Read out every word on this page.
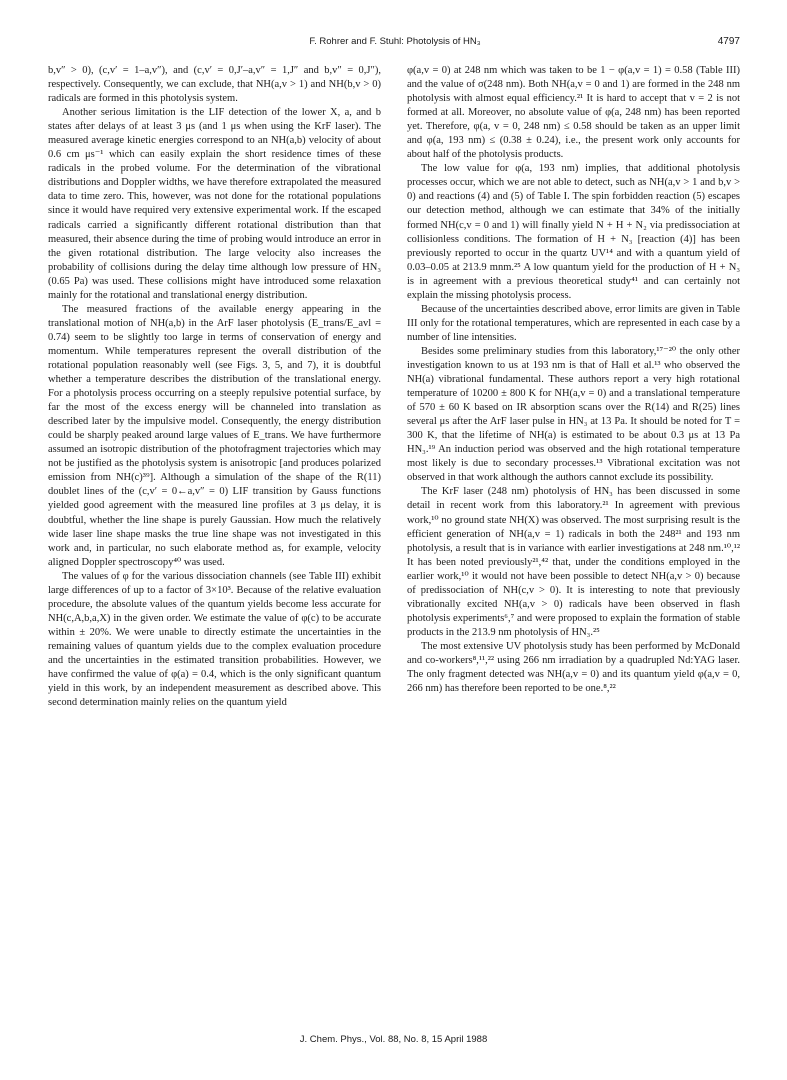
F. Rohrer and F. Stuhl: Photolysis of HN₃	4797

b,v″ > 0), (c,v′ = 1–a,v″), and (c,v′ = 0,J′–a,v″ = 1,J″ and b,v″ = 0,J″), respectively. Consequently, we can exclude, that NH(a,v > 1) and NH(b,v > 0) radicals are formed in this photolysis system.

Another serious limitation is the LIF detection of the lower X, a, and b states after delays of at least 3 μs (and 1 μs when using the KrF laser). The measured average kinetic energies correspond to an NH(a,b) velocity of about 0.6 cm μs⁻¹ which can easily explain the short residence times of these radicals in the probed volume. For the determination of the vibrational distributions and Doppler widths, we have therefore extrapolated the measured data to time zero. This, however, was not done for the rotational populations since it would have required very extensive experimental work. If the escaped radicals carried a significantly different rotational distribution than that measured, their absence during the time of probing would introduce an error in the given rotational distribution. The large velocity also increases the probability of collisions during the delay time although low pressure of HN₃ (0.65 Pa) was used. These collisions might have introduced some relaxation mainly for the rotational and translational energy distribution.

The measured fractions of the available energy appearing in the translational motion of NH(a,b) in the ArF laser photolysis (E_trans/E_avl = 0.74) seem to be slightly too large in terms of conservation of energy and momentum. While temperatures represent the overall distribution of the rotational population reasonably well (see Figs. 3, 5, and 7), it is doubtful whether a temperature describes the distribution of the translational energy. For a photolysis process occurring on a steeply repulsive potential surface, by far the most of the excess energy will be channeled into translation as described later by the impulsive model. Consequently, the energy distribution could be sharply peaked around large values of E_trans. We have furthermore assumed an isotropic distribution of the photofragment trajectories which may not be justified as the photolysis system is anisotropic [and produces polarized emission from NH(c)³⁹]. Although a simulation of the shape of the R(11) doublet lines of the (c,v′ = 0←a,v″ = 0) LIF transition by Gauss functions yielded good agreement with the measured line profiles at 3 μs delay, it is doubtful, whether the line shape is purely Gaussian. How much the relatively wide laser line shape masks the true line shape was not investigated in this work and, in particular, no such elaborate method as, for example, velocity aligned Doppler spectroscopy⁴⁰ was used.

The values of φ for the various dissociation channels (see Table III) exhibit large differences of up to a factor of 3×10³. Because of the relative evaluation procedure, the absolute values of the quantum yields become less accurate for NH(c,A,b,a,X) in the given order. We estimate the value of φ(c) to be accurate within ± 20%. We were unable to directly estimate the uncertainties in the remaining values of quantum yields due to the complex evaluation procedure and the uncertainties in the estimated transition probabilities. However, we have confirmed the value of φ(a) = 0.4, which is the only significant quantum yield in this work, by an independent measurement as described above. This second determination mainly relies on the quantum yield

φ(a,v = 0) at 248 nm which was taken to be 1 − φ(a,v = 1) = 0.58 (Table III) and the value of σ(248 nm). Both NH(a,v = 0 and 1) are formed in the 248 nm photolysis with almost equal efficiency.²¹ It is hard to accept that v = 2 is not formed at all. Moreover, no absolute value of φ(a, 248 nm) has been reported yet. Therefore, φ(a, v = 0, 248 nm) ≤ 0.58 should be taken as an upper limit and φ(a, 193 nm) ≤ (0.38 ± 0.24), i.e., the present work only accounts for about half of the photolysis products.

The low value for φ(a, 193 nm) implies, that additional photolysis processes occur, which we are not able to detect, such as NH(a,v > 1 and b,v > 0) and reactions (4) and (5) of Table I. The spin forbidden reaction (5) escapes our detection method, although we can estimate that 34% of the initially formed NH(c,v = 0 and 1) will finally yield N + H + N₂ via predissociation at collisionless conditions. The formation of H + N₃ [reaction (4)] has been previously reported to occur in the quartz UV¹⁴ and with a quantum yield of 0.03–0.05 at 213.9 mnm.²⁵ A low quantum yield for the production of H + N₃ is in agreement with a previous theoretical study⁴¹ and can certainly not explain the missing photolysis process.

Because of the uncertainties described above, error limits are given in Table III only for the rotational temperatures, which are represented in each case by a number of line intensities.

Besides some preliminary studies from this laboratory,¹⁷⁻²⁰ the only other investigation known to us at 193 nm is that of Hall et al.¹³ who observed the NH(a) vibrational fundamental. These authors report a very high rotational temperature of 10200 ± 800 K for NH(a,v = 0) and a translational temperature of 570 ± 60 K based on IR absorption scans over the R(14) and R(25) lines several μs after the ArF laser pulse in HN₃ at 13 Pa. It should be noted for T = 300 K, that the lifetime of NH(a) is estimated to be about 0.3 μs at 13 Pa HN₃.¹⁹ An induction period was observed and the high rotational temperature most likely is due to secondary processes.¹³ Vibrational excitation was not observed in that work although the authors cannot exclude its possibility.

The KrF laser (248 nm) photolysis of HN₃ has been discussed in some detail in recent work from this laboratory.²¹ In agreement with previous work,¹⁰ no ground state NH(X) was observed. The most surprising result is the efficient generation of NH(a,v = 1) radicals in both the 248²¹ and 193 nm photolysis, a result that is in variance with earlier investigations at 248 nm.¹⁰,¹² It has been noted previously²¹,⁴² that, under the conditions employed in the earlier work,¹⁰ it would not have been possible to detect NH(a,v > 0) because of predissociation of NH(c,v > 0). It is interesting to note that previously vibrationally excited NH(a,v > 0) radicals have been observed in flash photolysis experiments⁶,⁷ and were proposed to explain the formation of stable products in the 213.9 nm photolysis of HN₃.²⁵

The most extensive UV photolysis study has been performed by McDonald and co-workers⁸,¹¹,²² using 266 nm irradiation by a quadrupled Nd:YAG laser. The only fragment detected was NH(a,v = 0) and its quantum yield φ(a,v = 0, 266 nm) has therefore been reported to be one.⁸,²²

J. Chem. Phys., Vol. 88, No. 8, 15 April 1988
